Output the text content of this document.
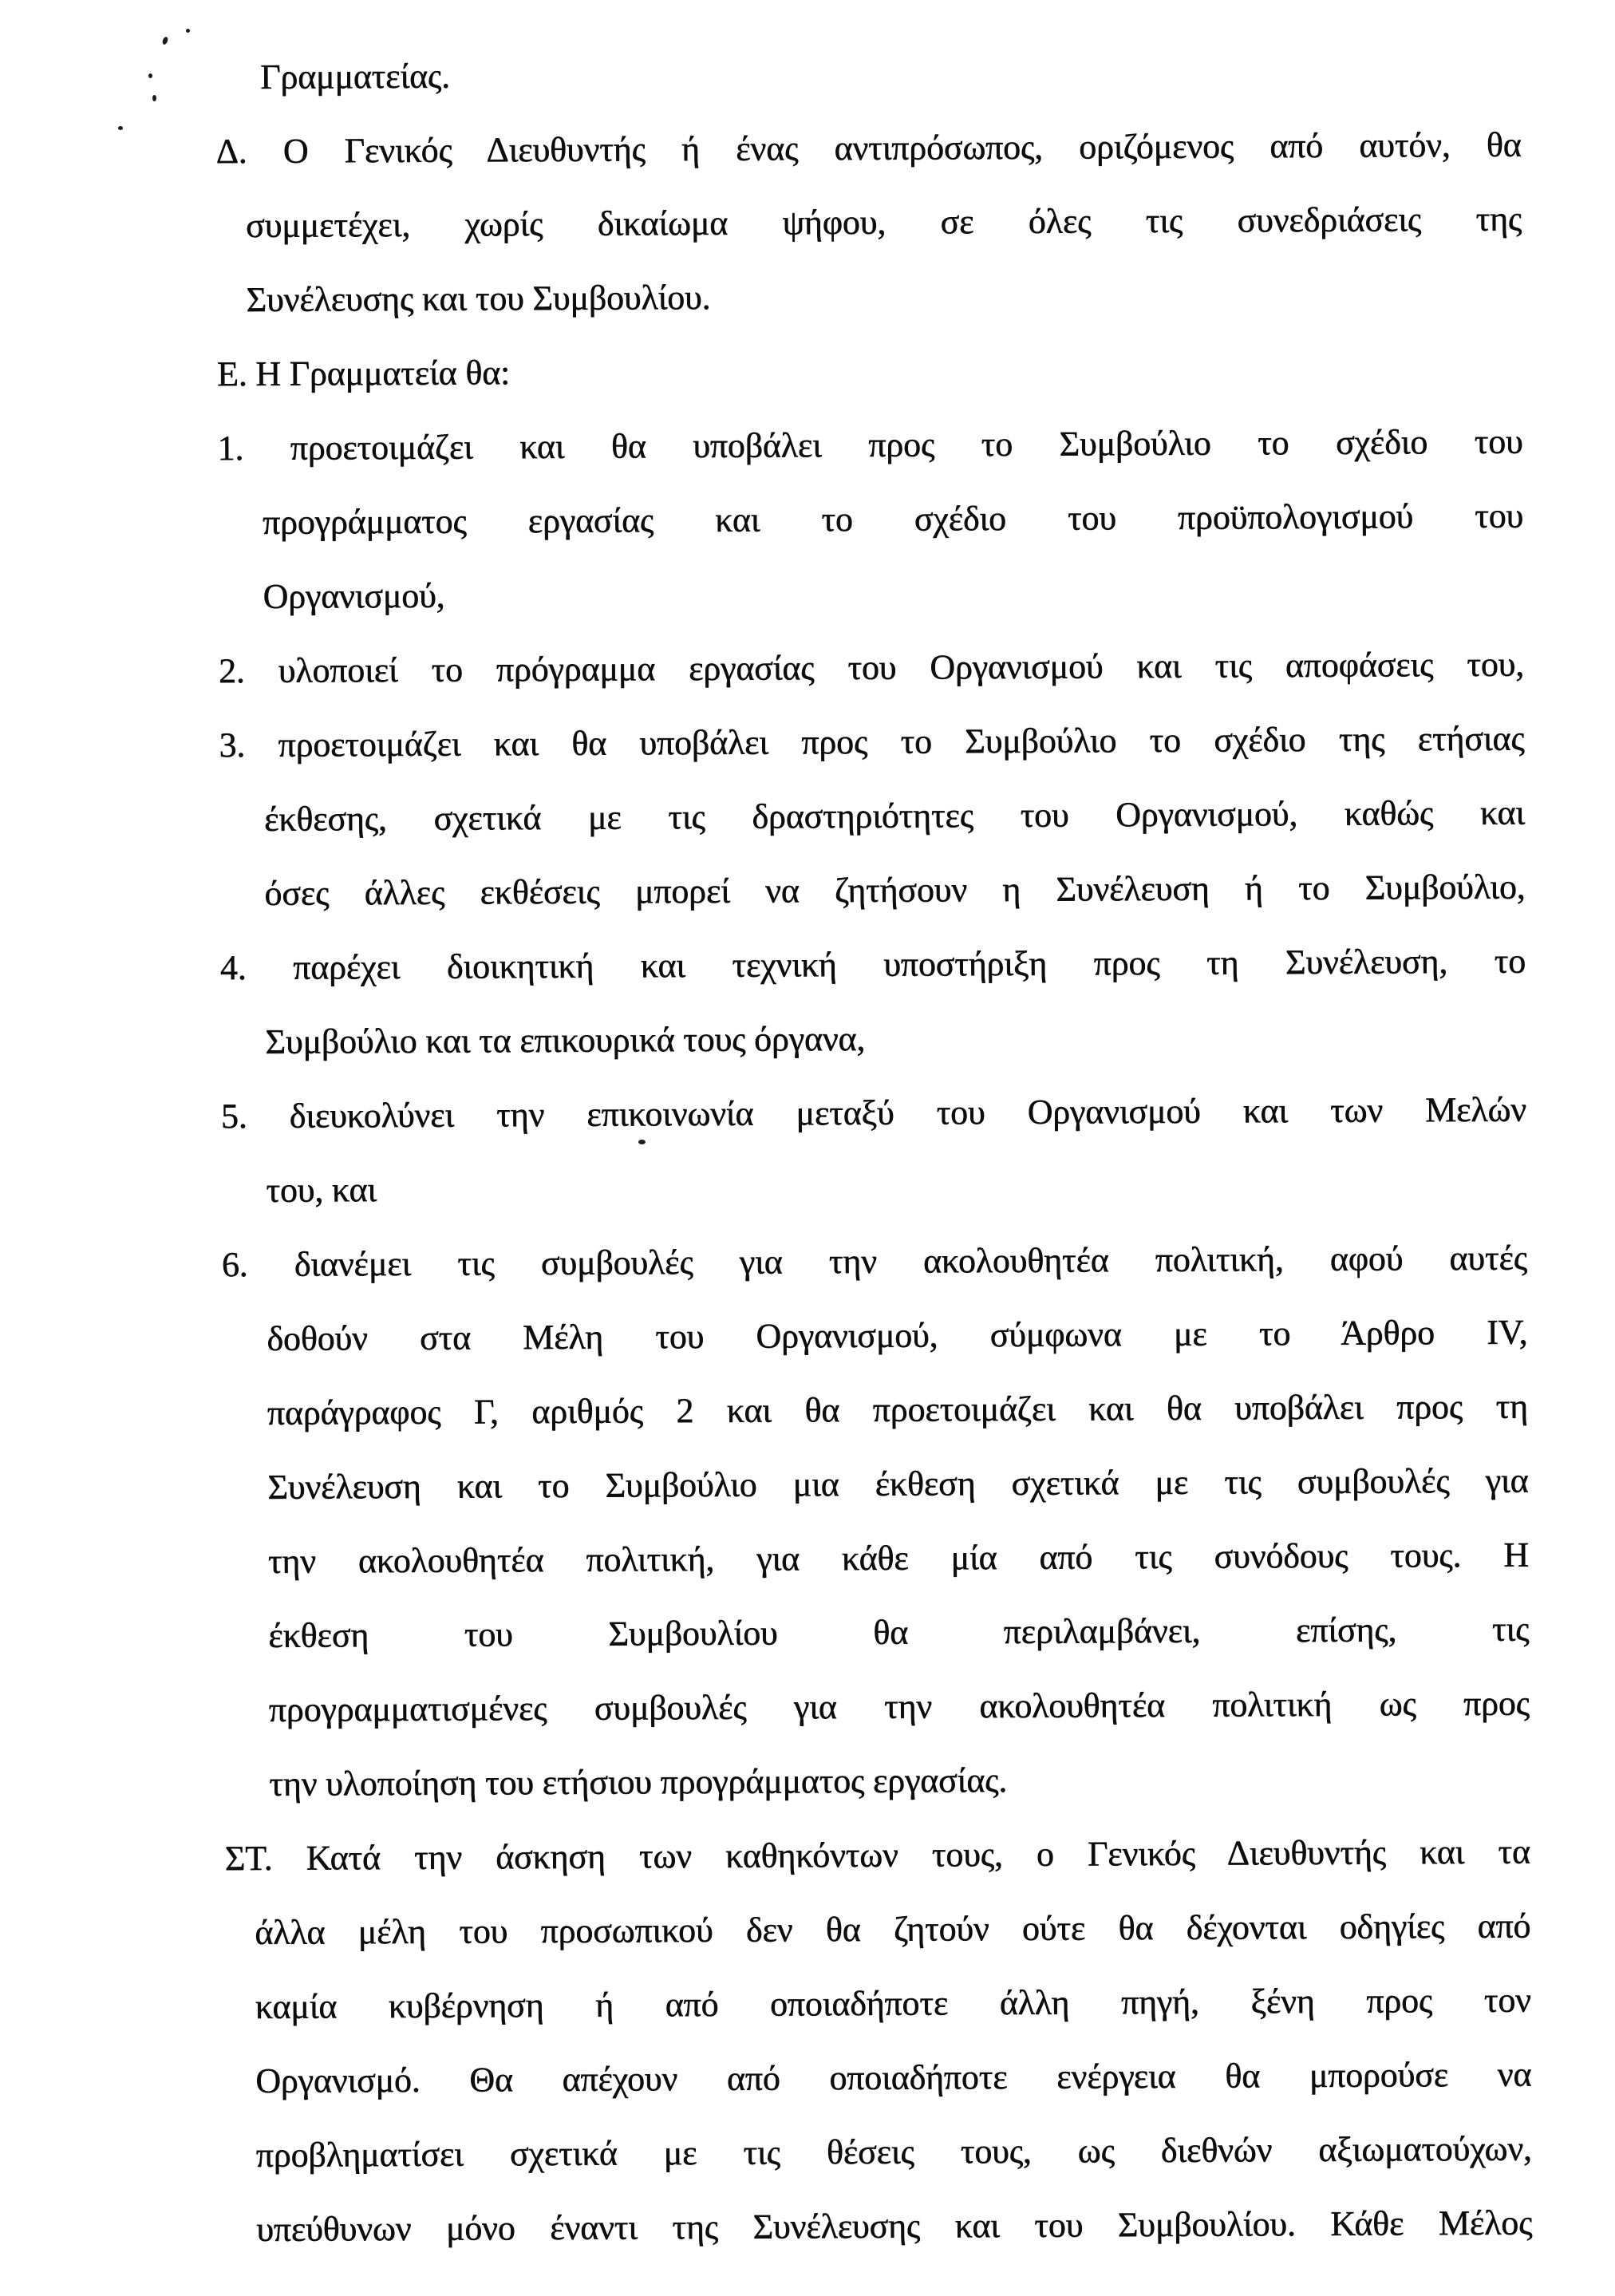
Γραμματείας.
Δ. Ο Γενικός Διευθυντής ή ένας αντιπρόσωπος, οριζόμενος από αυτόν, θα
συμμετέχει, χωρίς δικαίωμα ψήφου, σε όλες τις συνεδριάσεις της
Συνέλευσης και του Συμβουλίου.
Ε. Η Γραμματεία θα:
1. προετοιμάζει και θα υποβάλει προς το Συμβούλιο το σχέδιο του
προγράμματος εργασίας και το σχέδιο του προϋπολογισμού του
Οργανισμού,
2. υλοποιεί το πρόγραμμα εργασίας του Οργανισμού και τις αποφάσεις του,
3. προετοιμάζει και θα υποβάλει προς το Συμβούλιο το σχέδιο της ετήσιας
έκθεσης, σχετικά με τις δραστηριότητες του Οργανισμού, καθώς και
όσες άλλες εκθέσεις μπορεί να ζητήσουν η Συνέλευση ή το Συμβούλιο,
4. παρέχει διοικητική και τεχνική υποστήριξη προς τη Συνέλευση, το
Συμβούλιο και τα επικουρικά τους όργανα,
5. διευκολύνει την επικοινωνία μεταξύ του Οργανισμού και των Μελών
του, και
6. διανέμει τις συμβουλές για την ακολουθητέα πολιτική, αφού αυτές
δοθούν στα Μέλη του Οργανισμού, σύμφωνα με το Άρθρο IV,
παράγραφος Γ, αριθμός 2 και θα προετοιμάζει και θα υποβάλει προς τη
Συνέλευση και το Συμβούλιο μια έκθεση σχετικά με τις συμβουλές για
την ακολουθητέα πολιτική, για κάθε μία από τις συνόδους τους. Η
έκθεση του Συμβουλίου θα περιλαμβάνει, επίσης, τις
προγραμματισμένες συμβουλές για την ακολουθητέα πολιτική ως προς
την υλοποίηση του ετήσιου προγράμματος εργασίας.
ΣΤ. Κατά την άσκηση των καθηκόντων τους, ο Γενικός Διευθυντής και τα
άλλα μέλη του προσωπικού δεν θα ζητούν ούτε θα δέχονται οδηγίες από
καμία κυβέρνηση ή από οποιαδήποτε άλλη πηγή, ξένη προς τον
Οργανισμό. Θα απέχουν από οποιαδήποτε ενέργεια θα μπορούσε να
προβληματίσει σχετικά με τις θέσεις τους, ως διεθνών αξιωματούχων,
υπεύθυνων μόνο έναντι της Συνέλευσης και του Συμβουλίου. Κάθε Μέλος
